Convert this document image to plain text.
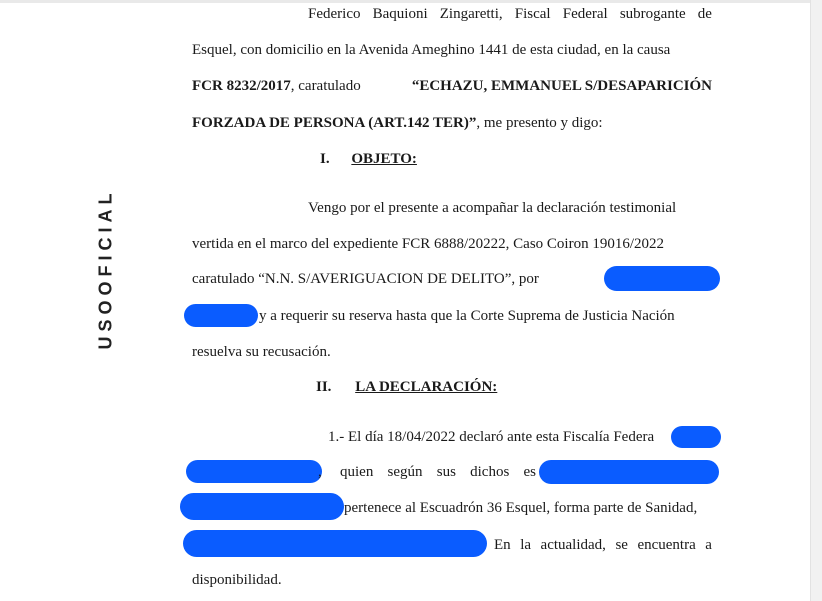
USOOFICIAL
Federico Baquioni Zingaretti, Fiscal Federal subrogante de
Esquel, con domicilio en la Avenida Ameghino 1441 de esta ciudad, en la causa
FCR 8232/2017, caratulado	“ECHAZU, EMMANUEL S/DESAPARICIÓN
FORZADA DE PERSONA (ART.142 TER)”, me presento y digo:
I. OBJETO:
Vengo por el presente a acompañar la declaración testimonial
vertida en el marco del expediente FCR 6888/20222, Caso Coiron 19016/2022
caratulado “N.N. S/AVERIGUACION DE DELITO”, por
y a requerir su reserva hasta que la Corte Suprema de Justicia Nación
resuelva su recusación.
II. LA DECLARACIÓN:
1.- El día 18/04/2022 declaró ante esta Fiscalía Federa
, quien según sus dichos es
pertenece al Escuadrón 36 Esquel, forma parte de Sanidad,
En la actualidad, se encuentra a
disponibilidad.
